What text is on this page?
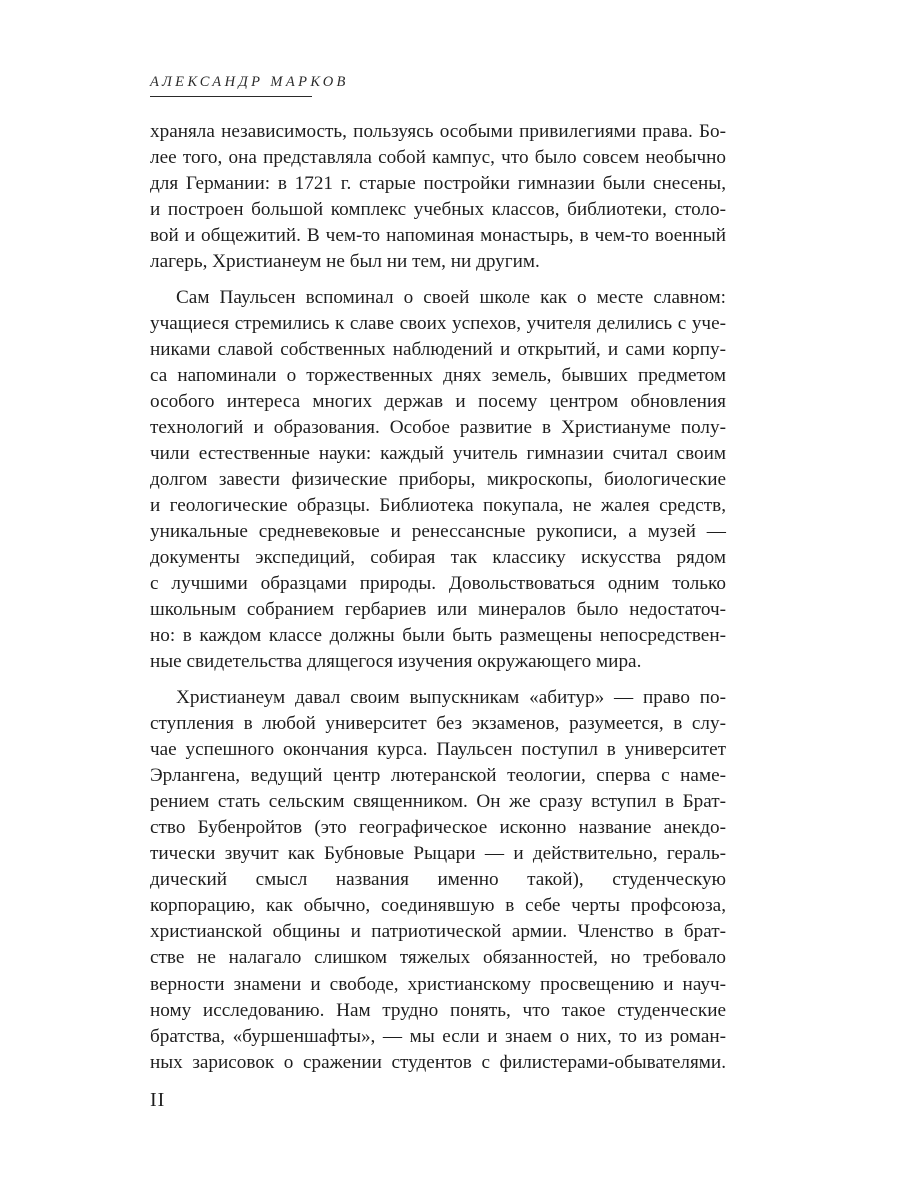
АЛЕКСАНДР МАРКОВ
храняла независимость, пользуясь особыми привилегиями права. Бо-
лее того, она представляла собой кампус, что было совсем необычно
для Германии: в 1721 г. старые постройки гимназии были снесены,
и построен большой комплекс учебных классов, библиотеки, столо-
вой и общежитий. В чем-то напоминая монастырь, в чем-то военный
лагерь, Христианеум не был ни тем, ни другим.
Сам Паульсен вспоминал о своей школе как о месте славном:
учащиеся стремились к славе своих успехов, учителя делились с уче-
никами славой собственных наблюдений и открытий, и сами корпу-
са напоминали о торжественных днях земель, бывших предметом
особого интереса многих держав и посему центром обновления
технологий и образования. Особое развитие в Христиануме полу-
чили естественные науки: каждый учитель гимназии считал своим
долгом завести физические приборы, микроскопы, биологические
и геологические образцы. Библиотека покупала, не жалея средств,
уникальные средневековые и ренессансные рукописи, а музей —
документы экспедиций, собирая так классику искусства рядом
с лучшими образцами природы. Довольствоваться одним только
школьным собранием гербариев или минералов было недостаточ-
но: в каждом классе должны были быть размещены непосредствен-
ные свидетельства длящегося изучения окружающего мира.
Христианеум давал своим выпускникам «абитур» — право по-
ступления в любой университет без экзаменов, разумеется, в слу-
чае успешного окончания курса. Паульсен поступил в университет
Эрлангена, ведущий центр лютеранской теологии, сперва с наме-
рением стать сельским священником. Он же сразу вступил в Брат-
ство Бубенройтов (это географическое исконно название анекдо-
тически звучит как Бубновые Рыцари — и действительно, гераль-
дический смысл названия именно такой), студенческую
корпорацию, как обычно, соединявшую в себе черты профсоюза,
христианской общины и патриотической армии. Членство в брат-
стве не налагало слишком тяжелых обязанностей, но требовало
верности знамени и свободе, христианскому просвещению и науч-
ному исследованию. Нам трудно понять, что такое студенческие
братства, «буршеншафты», — мы если и знаем о них, то из роман-
ных зарисовок о сражении студентов с филистерами-обывателями.
II
